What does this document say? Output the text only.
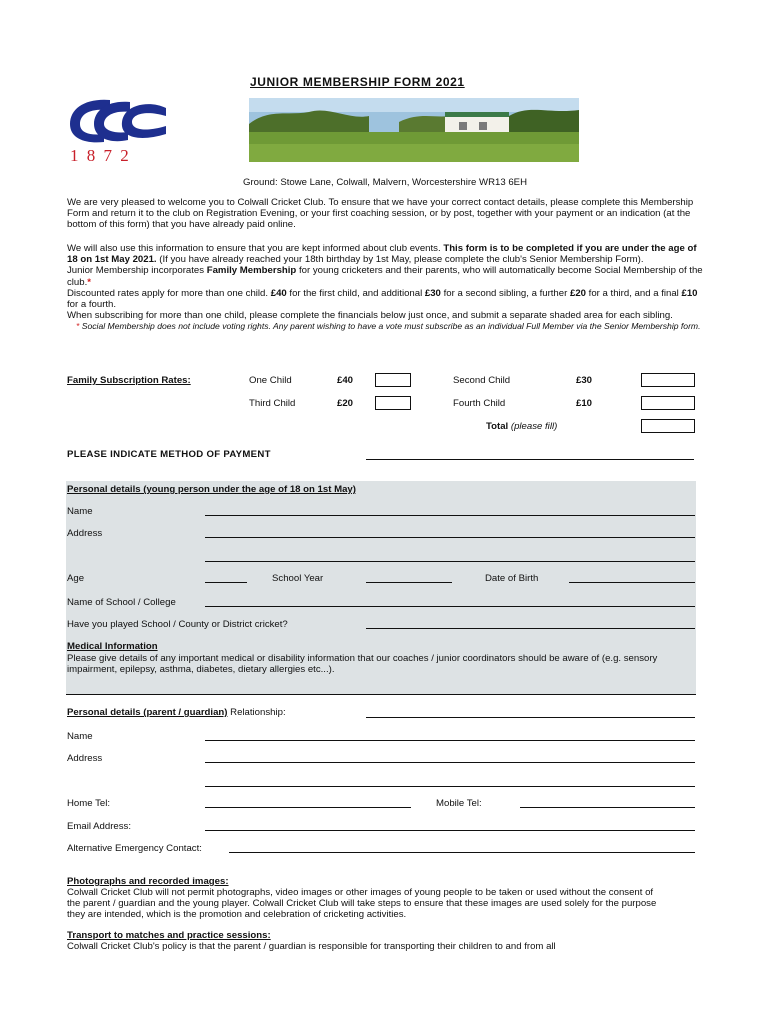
JUNIOR MEMBERSHIP FORM 2021
1 8 7 2
Ground: Stowe Lane, Colwall, Malvern, Worcestershire WR13 6EH

We are very pleased to welcome you to Colwall Cricket Club. To ensure that we have your correct contact details, please complete this Membership Form and return it to the club on Registration Evening, or your first coaching session, or by post, together with your payment or an indication (at the bottom of this form) that you have already paid online.

We will also use this information to ensure that you are kept informed about club events. This form is to be completed if you are under the age of 18 on 1st May 2021. (If you have already reached your 18th birthday by 1st May, please complete the club's Senior Membership Form).

Junior Membership incorporates Family Membership for young cricketers and their parents, who will automatically become Social Membership of the club.*

Discounted rates apply for more than one child. £40 for the first child, and additional £30 for a second sibling, a further £20 for a third, and a final £10 for a fourth.

When subscribing for more than one child, please complete the financials below just once, and submit a separate shaded area for each sibling.

* Social Membership does not include voting rights. Any parent wishing to have a vote must subscribe as an individual Full Member via the Senior Membership form.

Family Subscription Rates:	One Child	£40	Second Child	£30
Third Child	£20	Fourth Child	£10
Total (please fill)
PLEASE INDICATE METHOD OF PAYMENT
Personal details (young person under the age of 18 on 1st May)
Name
Address
Age	School Year	Date of Birth
Name of School / College
Have you played School / County or District cricket?
Medical Information
Please give details of any important medical or disability information that our coaches / junior coordinators should be aware of (e.g. sensory impairment, epilepsy, asthma, diabetes, dietary allergies etc...).
Personal details (parent / guardian) Relationship:
Name
Address
Home Tel:	Mobile Tel:
Email Address:
Alternative Emergency Contact:
Photographs and recorded images:
Colwall Cricket Club will not permit photographs, video images or other images of young people to be taken or used without the consent of the parent / guardian and the young player. Colwall Cricket Club will take steps to ensure that these images are used solely for the purpose they are intended, which is the promotion and celebration of cricketing activities.
Transport to matches and practice sessions:
Colwall Cricket Club's policy is that the parent / guardian is responsible for transporting their children to and from all
